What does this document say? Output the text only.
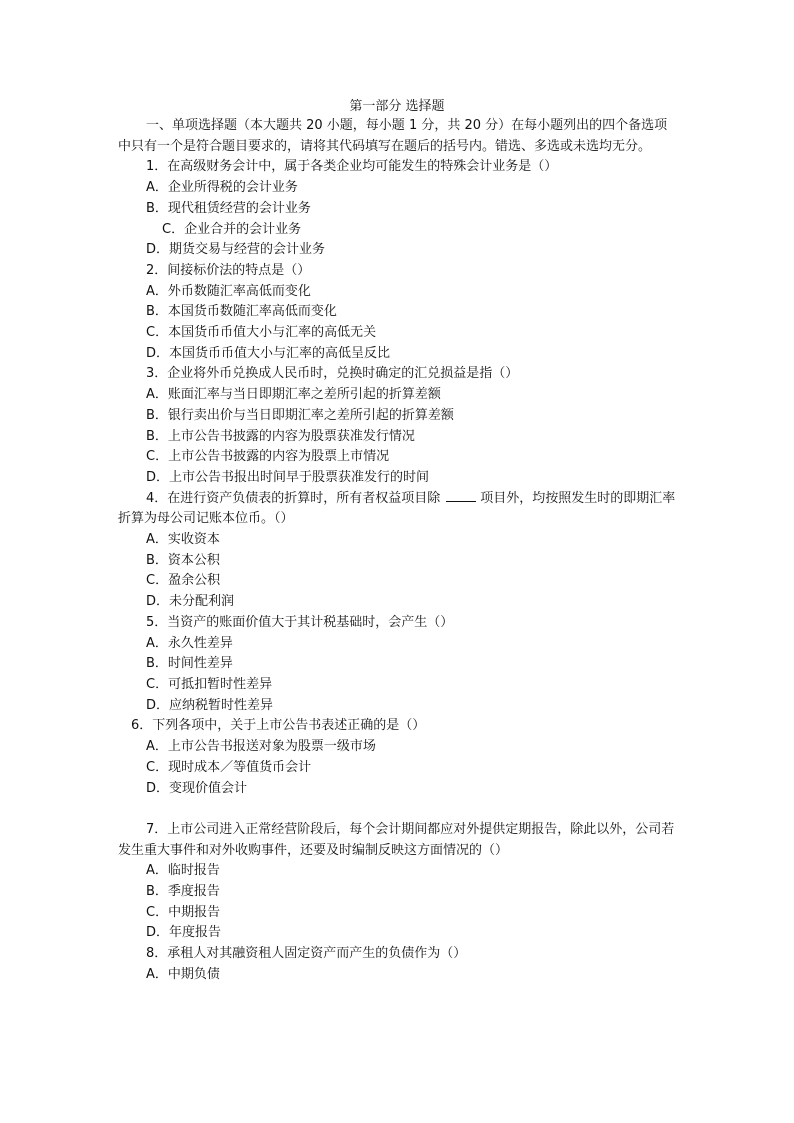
第一部分 选择题

一、单项选择题（本大题共 20 小题，每小题 1 分，共 20 分）在每小题列出的四个备选项中只有一个是符合题目要求的，请将其代码填写在题后的括号内。错选、多选或未选均无分。

1．在高级财务会计中，属于各类企业均可能发生的特殊会计业务是（）

A．企业所得税的会计业务

B．现代租赁经营的会计业务

C．企业合并的会计业务

D．期货交易与经营的会计业务

2．间接标价法的特点是（）

A．外币数随汇率高低而变化

B．本国货币数随汇率高低而变化

C．本国货币币值大小与汇率的高低无关

D．本国货币币值大小与汇率的高低呈反比

3．企业将外币兑换成人民币时，兑换时确定的汇兑损益是指（）

A．账面汇率与当日即期汇率之差所引起的折算差额

B．银行卖出价与当日即期汇率之差所引起的折算差额

B．上市公告书披露的内容为股票获准发行情况

C．上市公告书披露的内容为股票上市情况

D．上市公告书报出时间早于股票获准发行的时间

4．在进行资产负债表的折算时，所有者权益项目除	项目外，均按照发生时的即期汇率折算为母公司记账本位币。（）

A．实收资本

B．资本公积

C．盈余公积

D．未分配利润

5．当资产的账面价值大于其计税基础时，会产生（）

A．永久性差异

B．时间性差异

C．可抵扣暂时性差异

D．应纳税暂时性差异

6．下列各项中，关于上市公告书表述正确的是（）

A．上市公告书报送对象为股票一级市场

C．现时成本／等值货币会计

D．变现价值会计

7．上市公司进入正常经营阶段后，每个会计期间都应对外提供定期报告，除此以外，公司若发生重大事件和对外收购事件，还要及时编制反映这方面情况的（）

A．临时报告

B．季度报告

C．中期报告

D．年度报告

8．承租人对其融资租人固定资产而产生的负债作为（）

A．中期负债
